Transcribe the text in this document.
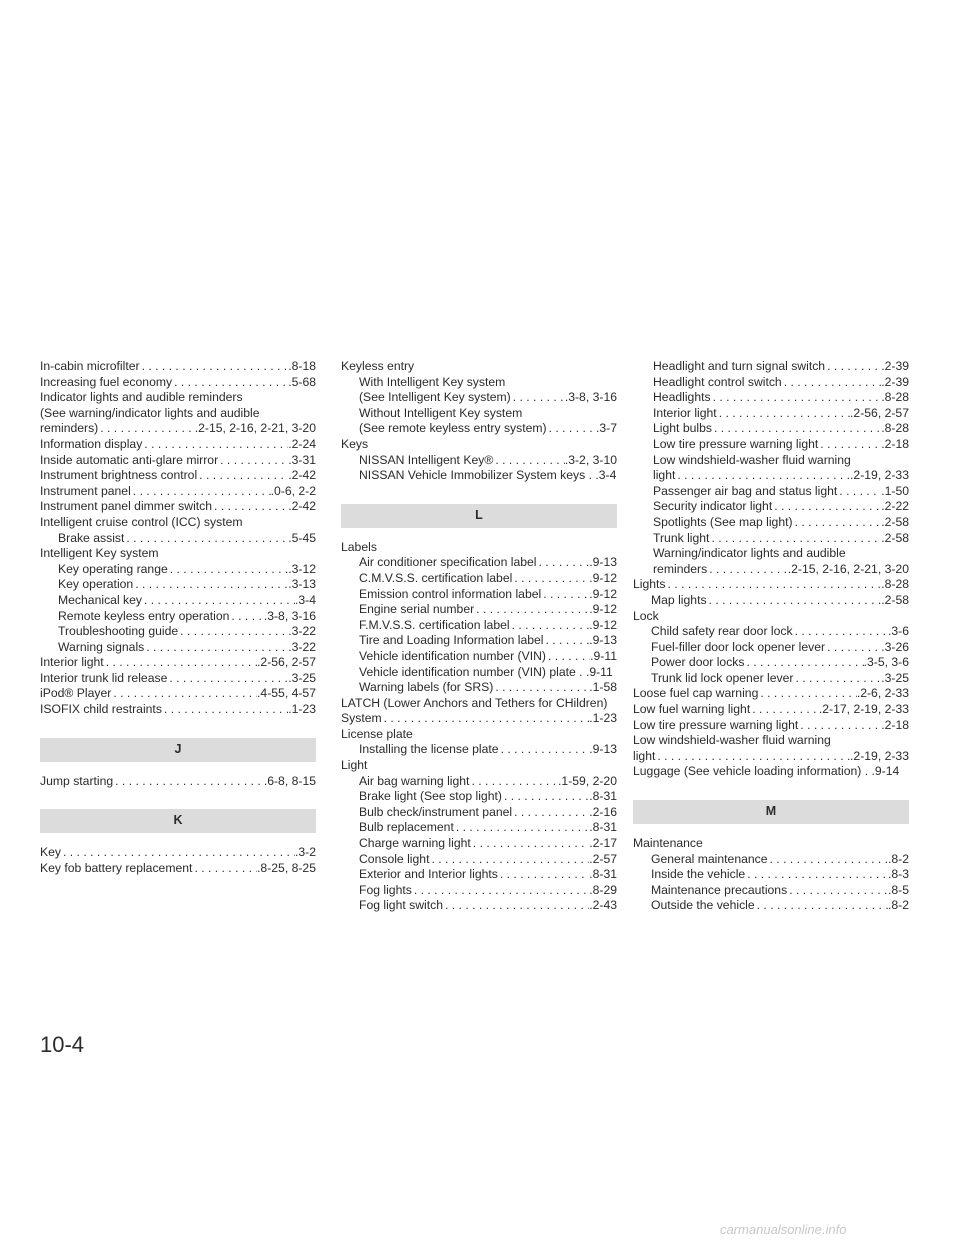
In-cabin microfilter . . .	.8-18
Increasing fuel economy . . .	.5-68
Indicator lights and audible reminders
(See warning/indicator lights and audible
reminders) . . .	.2-15, 2-16, 2-21, 3-20
Information display . . .	.2-24
Inside automatic anti-glare mirror . . .	.3-31
Instrument brightness control . . .	.2-42
Instrument panel . . .	.0-6, 2-2
Instrument panel dimmer switch . . .	.2-42
Intelligent cruise control (ICC) system
Brake assist . . .	.5-45
Intelligent Key system
Key operating range . . .	.3-12
Key operation . . .	.3-13
Mechanical key . . .	.3-4
Remote keyless entry operation . . .	.3-8, 3-16
Troubleshooting guide . . .	.3-22
Warning signals . . .	.3-22
Interior light . . .	.2-56, 2-57
Interior trunk lid release . . .	.3-25
iPod® Player . . .	.4-55, 4-57
ISOFIX child restraints . . .	.1-23
J
Jump starting . . .	.6-8, 8-15
K
Key . . .	.3-2
Key fob battery replacement . . .	.8-25, 8-25
Keyless entry
With Intelligent Key system
(See Intelligent Key system) . . .	.3-8, 3-16
Without Intelligent Key system
(See remote keyless entry system) . . .	.3-7
Keys
NISSAN Intelligent Key® . . .	.3-2, 3-10
NISSAN Vehicle Immobilizer System keys . .3-4
L
Labels
Air conditioner specification label . . .	.9-13
C.M.V.S.S. certification label . . .	.9-12
Emission control information label . . .	.9-12
Engine serial number . . .	.9-12
F.M.V.S.S. certification label . . .	.9-12
Tire and Loading Information label . . .	.9-13
Vehicle identification number (VIN) . . .	.9-11
Vehicle identification number (VIN) plate . .9-11
Warning labels (for SRS) . . .	.1-58
LATCH (Lower Anchors and Tethers for CHildren)
System . . .	.1-23
License plate
Installing the license plate . . .	.9-13
Light
Air bag warning light . . .	.1-59, 2-20
Brake light (See stop light) . . .	.8-31
Bulb check/instrument panel . . .	.2-16
Bulb replacement . . .	.8-31
Charge warning light . . .	.2-17
Console light . . .	.2-57
Exterior and Interior lights . . .	.8-31
Fog lights . . .	.8-29
Fog light switch . . .	.2-43
Headlight and turn signal switch . . .	.2-39
Headlight control switch . . .	.2-39
Headlights . . .	.8-28
Interior light . . .	.2-56, 2-57
Light bulbs . . .	.8-28
Low tire pressure warning light . . .	.2-18
Low windshield-washer fluid warning
light . . .	.2-19, 2-33
Passenger air bag and status light . . .	.1-50
Security indicator light . . .	.2-22
Spotlights (See map light) . . .	.2-58
Trunk light . . .	.2-58
Warning/indicator lights and audible
reminders . . .	.2-15, 2-16, 2-21, 3-20
Lights . . .	.8-28
Map lights . . .	.2-58
Lock
Child safety rear door lock . . .	.3-6
Fuel-filler door lock opener lever . . .	.3-26
Power door locks . . .	.3-5, 3-6
Trunk lid lock opener lever . . .	.3-25
Loose fuel cap warning . . .	.2-6, 2-33
Low fuel warning light . . .	.2-17, 2-19, 2-33
Low tire pressure warning light . . .	.2-18
Low windshield-washer fluid warning
light . . .	.2-19, 2-33
Luggage (See vehicle loading information) . .9-14
M
Maintenance
General maintenance . . .	.8-2
Inside the vehicle . . .	.8-3
Maintenance precautions . . .	.8-5
Outside the vehicle . . .	.8-2
10-4
carmanualsonline.info
